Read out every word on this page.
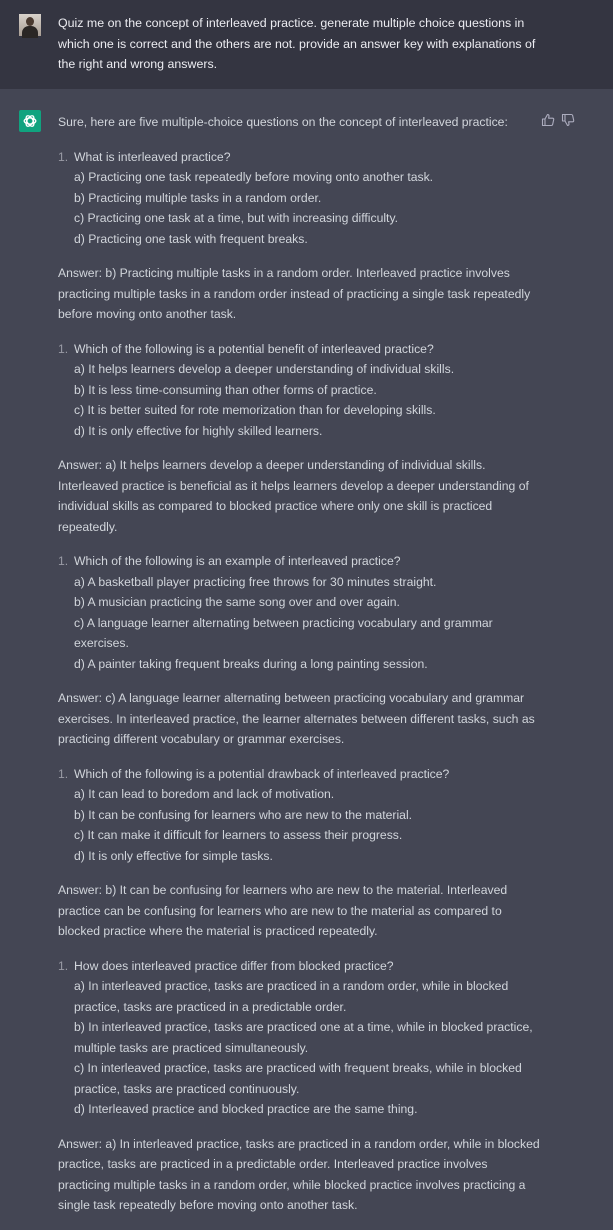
Quiz me on the concept of interleaved practice. generate multiple choice questions in which one is correct and the others are not. provide an answer key with explanations of the right and wrong answers.

Sure, here are five multiple-choice questions on the concept of interleaved practice:

1. What is interleaved practice?
a) Practicing one task repeatedly before moving onto another task.
b) Practicing multiple tasks in a random order.
c) Practicing one task at a time, but with increasing difficulty.
d) Practicing one task with frequent breaks.

Answer: b) Practicing multiple tasks in a random order. Interleaved practice involves practicing multiple tasks in a random order instead of practicing a single task repeatedly before moving onto another task.

1. Which of the following is a potential benefit of interleaved practice?
a) It helps learners develop a deeper understanding of individual skills.
b) It is less time-consuming than other forms of practice.
c) It is better suited for rote memorization than for developing skills.
d) It is only effective for highly skilled learners.

Answer: a) It helps learners develop a deeper understanding of individual skills. Interleaved practice is beneficial as it helps learners develop a deeper understanding of individual skills as compared to blocked practice where only one skill is practiced repeatedly.

1. Which of the following is an example of interleaved practice?
a) A basketball player practicing free throws for 30 minutes straight.
b) A musician practicing the same song over and over again.
c) A language learner alternating between practicing vocabulary and grammar exercises.
d) A painter taking frequent breaks during a long painting session.

Answer: c) A language learner alternating between practicing vocabulary and grammar exercises. In interleaved practice, the learner alternates between different tasks, such as practicing different vocabulary or grammar exercises.

1. Which of the following is a potential drawback of interleaved practice?
a) It can lead to boredom and lack of motivation.
b) It can be confusing for learners who are new to the material.
c) It can make it difficult for learners to assess their progress.
d) It is only effective for simple tasks.

Answer: b) It can be confusing for learners who are new to the material. Interleaved practice can be confusing for learners who are new to the material as compared to blocked practice where the material is practiced repeatedly.

1. How does interleaved practice differ from blocked practice?
a) In interleaved practice, tasks are practiced in a random order, while in blocked practice, tasks are practiced in a predictable order.
b) In interleaved practice, tasks are practiced one at a time, while in blocked practice, multiple tasks are practiced simultaneously.
c) In interleaved practice, tasks are practiced with frequent breaks, while in blocked practice, tasks are practiced continuously.
d) Interleaved practice and blocked practice are the same thing.

Answer: a) In interleaved practice, tasks are practiced in a random order, while in blocked practice, tasks are practiced in a predictable order. Interleaved practice involves practicing multiple tasks in a random order, while blocked practice involves practicing a single task repeatedly before moving onto another task.
